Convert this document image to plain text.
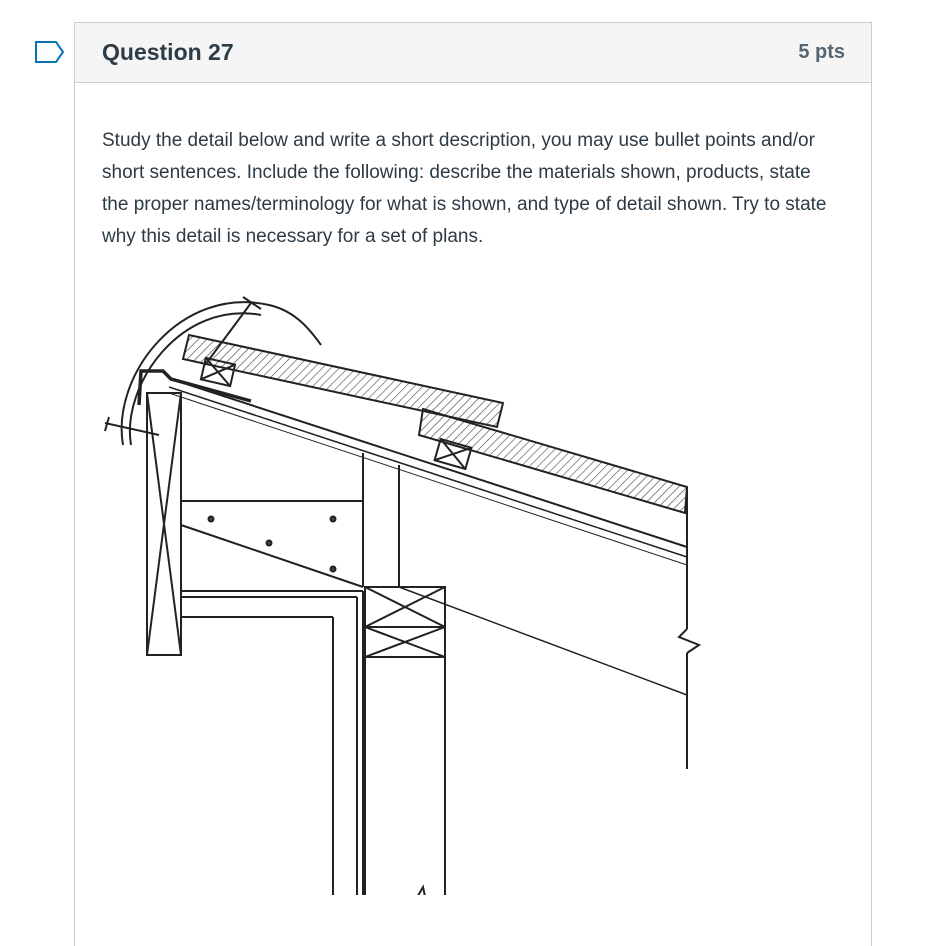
Question 27	5 pts

Study the detail below and write a short description, you may use bullet points and/or short sentences. Include the following: describe the materials shown, products, state the proper names/terminology for what is shown, and type of detail shown. Try to state why this detail is necessary for a set of plans.
